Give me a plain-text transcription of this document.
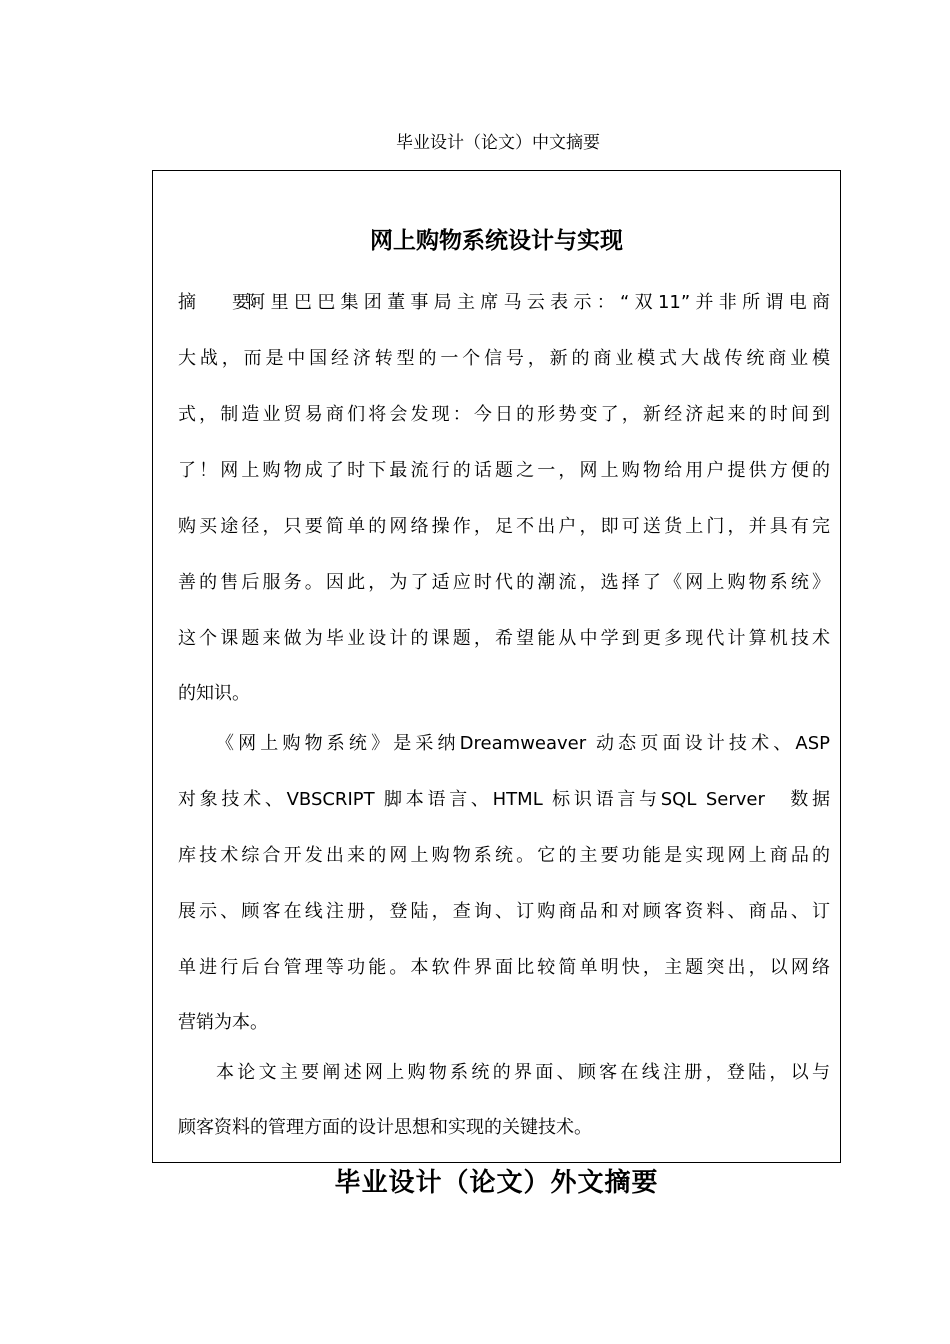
毕业设计（论文）中文摘要
网上购物系统设计与实现
摘　　要：阿里巴巴集团董事局主席马云表示：“双11”并非所谓电商
大战，而是中国经济转型的一个信号，新的商业模式大战传统商业模
式，制造业贸易商们将会发现：今日的形势变了，新经济起来的时间到
了！网上购物成了时下最流行的话题之一，网上购物给用户提供方便的
购买途径，只要简单的网络操作，足不出户，即可送货上门，并具有完
善的售后服务。因此，为了适应时代的潮流，选择了《网上购物系统》
这个课题来做为毕业设计的课题，希望能从中学到更多现代计算机技术
的知识。
《网上购物系统》是采纳Dreamweaver 动态页面设计技术、ASP
对象技术、VBSCRIPT 脚本语言、HTML 标识语言与SQL Server　数据
库技术综合开发出来的网上购物系统。它的主要功能是实现网上商品的
展示、顾客在线注册，登陆，查询、订购商品和对顾客资料、商品、订
单进行后台管理等功能。本软件界面比较简单明快，主题突出，以网络
营销为本。
本论文主要阐述网上购物系统的界面、顾客在线注册，登陆，以与
顾客资料的管理方面的设计思想和实现的关键技术。
毕业设计（论文）外文摘要
